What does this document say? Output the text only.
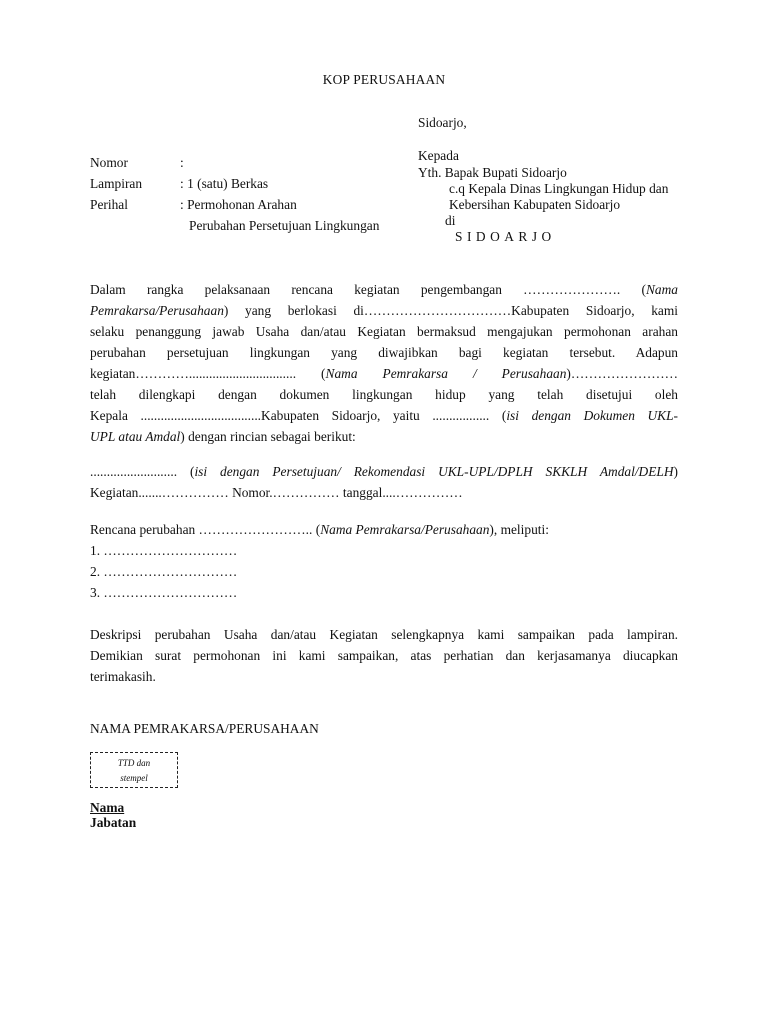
KOP PERUSAHAAN
Sidoarjo,
Nomor	:
Lampiran	: 1 (satu) Berkas
Perihal	: Permohonan Arahan
Perubahan Persetujuan Lingkungan
Kepada
Yth. Bapak Bupati Sidoarjo
c.q Kepala Dinas Lingkungan Hidup dan
Kebersihan Kabupaten Sidoarjo
di
SIDOARJO
Dalam rangka pelaksanaan rencana kegiatan pengembangan …………………. (Nama
Pemrakarsa/Perusahaan) yang berlokasi di……………………………Kabupaten Sidoarjo, kami
selaku penanggung jawab Usaha dan/atau Kegiatan bermaksud mengajukan permohonan arahan
perubahan persetujuan lingkungan yang diwajibkan bagi kegiatan tersebut. Adapun
kegiatan…………................................ (Nama Pemrakarsa / Perusahaan)……………………
telah dilengkapi dengan dokumen lingkungan hidup yang telah disetujui oleh
Kepala ....................................Kabupaten Sidoarjo, yaitu ................. (isi dengan Dokumen UKL-
UPL atau Amdal) dengan rincian sebagai berikut:
.......................... (isi dengan Persetujuan/ Rekomendasi UKL-UPL/DPLH SKKLH Amdal/DELH)
Kegiatan.......…………… Nomor.…………… tanggal....……………
Rencana perubahan …………………….. (Nama Pemrakarsa/Perusahaan), meliputi:
1. …………………………
2. …………………………
3. …………………………
Deskripsi perubahan Usaha dan/atau Kegiatan selengkapnya kami sampaikan pada lampiran.
Demikian surat permohonan ini kami sampaikan, atas perhatian dan kerjasamanya diucapkan
terimakasih.
NAMA PEMRAKARSA/PERUSAHAAN
TTD dan
stempel
Nama
Jabatan
